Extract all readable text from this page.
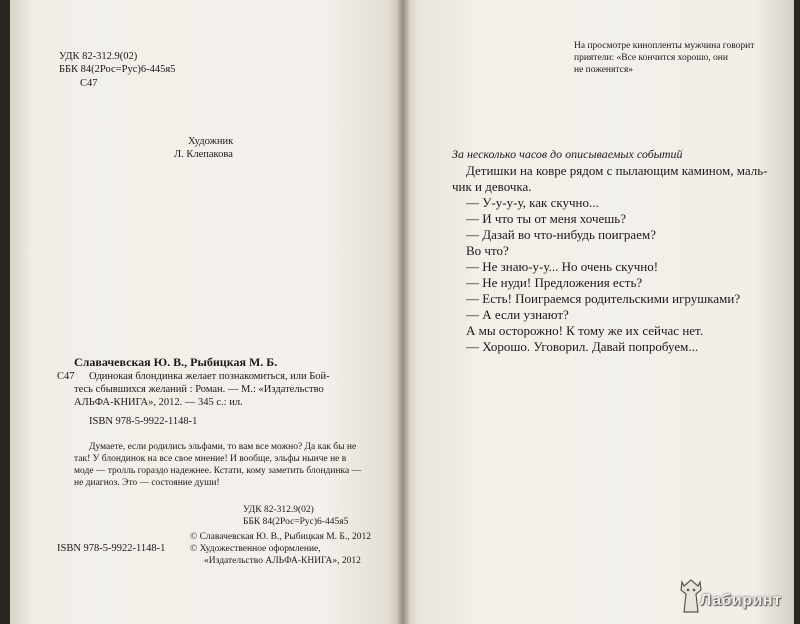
УДК 82-312.9(02)
ББК 84(2Рос=Рус)6-445я5
С47
Художник
Л. Клепакова
Славачевская Ю. В., Рыбицкая М. Б.
С47 Одинокая блондинка желает познакомиться, или Бой-
тесь сбывшихся желаний : Роман. — М.: «Издательство
АЛЬФА-КНИГА», 2012. — 345 с.: ил.
ISBN 978-5-9922-1148-1
Думаете, если родились эльфами, то вам все можно? Да как бы не
так! У блондинок на все свое мнение! И вообще, эльфы нынче не в
моде — тролль гораздо надежнее. Кстати, кому заметить блондинка —
не диагноз. Это — состояние души!
УДК 82-312.9(02)
ББК 84(2Рос=Рус)6-445я5
© Славачевская Ю. В., Рыбицкая М. Б., 2012
© Художественное оформление,
«Издательство АЛЬФА-КНИГА», 2012
ISBN 978-5-9922-1148-1
На просмотре кинопленты мужчина говорит
приятели: «Все кончится хорошо, они
не поженятся»
За несколько часов до описываемых событий
Детишки на ковре рядом с пылающим камином, маль-
чик и девочка.
— У-у-у-у, как скучно...
— И что ты от меня хочешь?
— Дазай во что-нибудь поиграем?
Во что?
— Не знаю-у-у... Но очень скучно!
— Не нуди! Предложения есть?
— Есть! Поиграемся родительскими игрушками?
— А если узнают?
А мы осторожно! К тому же их сейчас нет.
— Хорошо. Уговорил. Давай попробуем...
Лабиринт
